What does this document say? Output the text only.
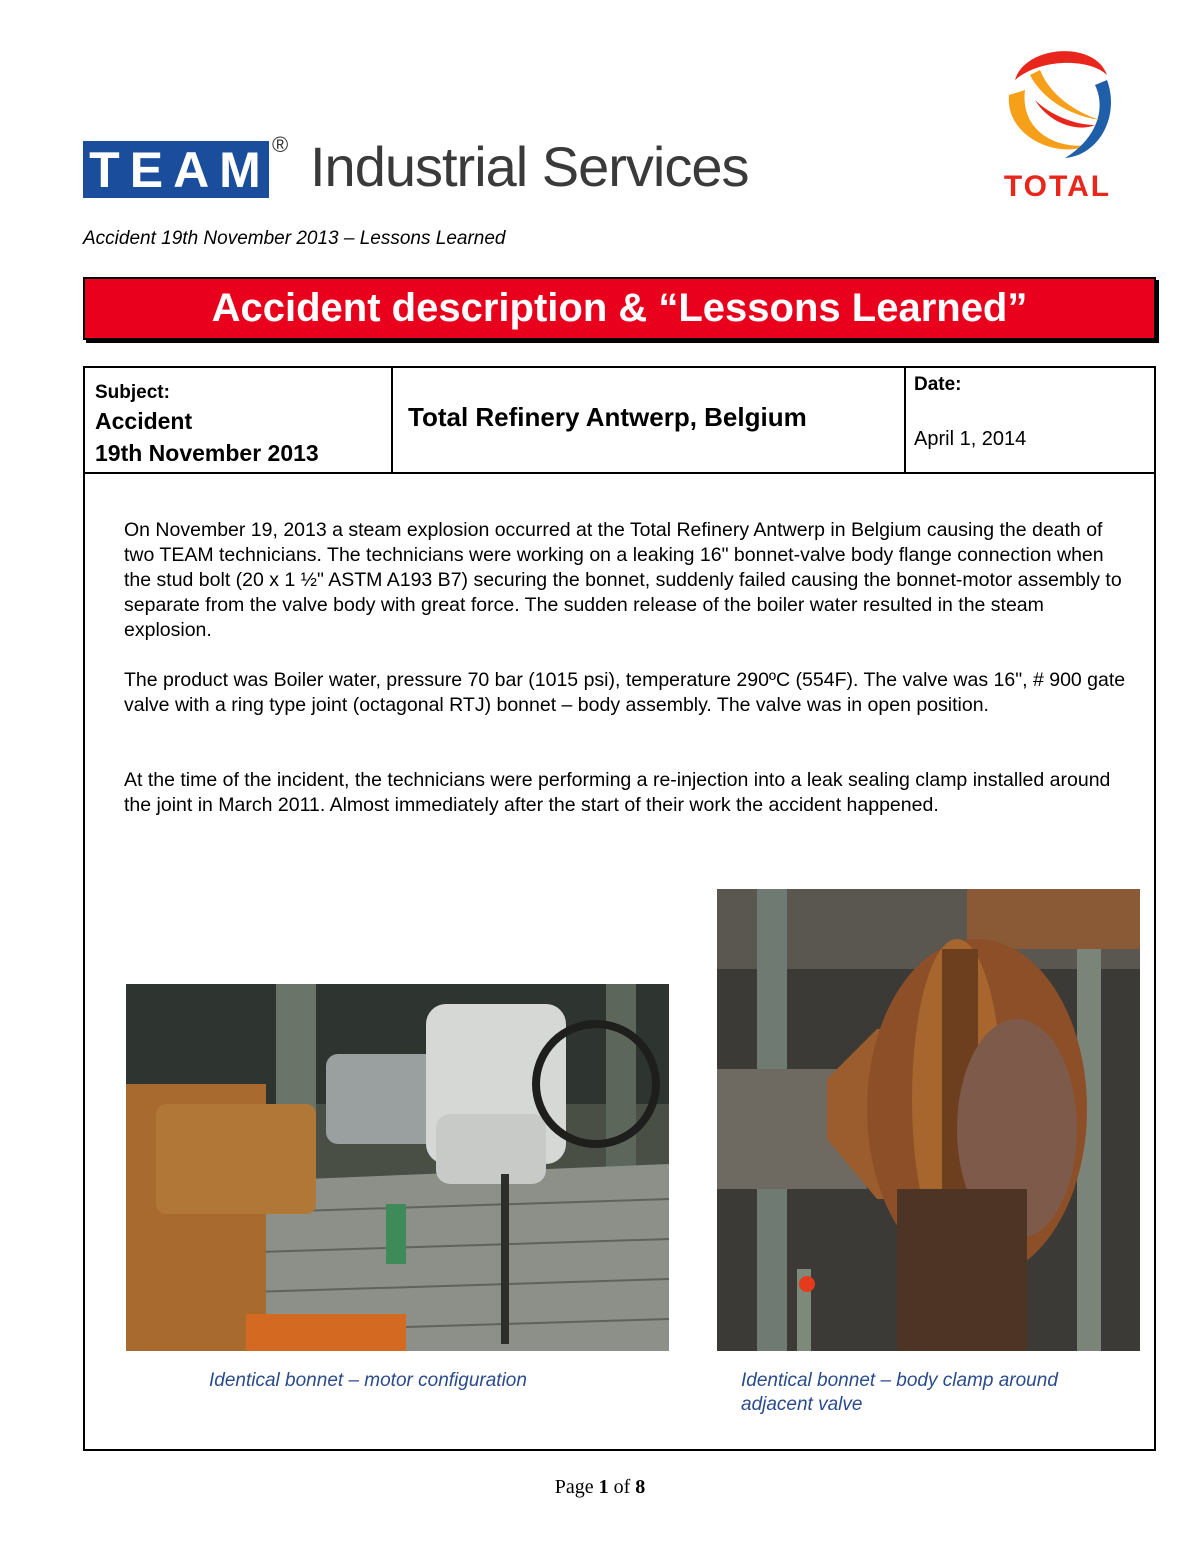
TEAM ® Industrial Services	TOTAL
Accident 19th November 2013 – Lessons Learned
Accident description & “Lessons Learned”
Subject:
Accident
19th November 2013
Total Refinery Antwerp, Belgium
Date:
April 1, 2014

On November 19, 2013 a steam explosion occurred at the Total Refinery Antwerp in Belgium causing the death of two TEAM technicians. The technicians were working on a leaking 16" bonnet-valve body flange connection when the stud bolt (20 x 1 ½" ASTM A193 B7) securing the bonnet, suddenly failed causing the bonnet-motor assembly to separate from the valve body with great force. The sudden release of the boiler water resulted in the steam explosion.

The product was Boiler water, pressure 70 bar (1015 psi), temperature 290ºC (554F). The valve was 16", # 900 gate valve with a ring type joint (octagonal RTJ) bonnet – body assembly. The valve was in open position.

At the time of the incident, the technicians were performing a re-injection into a leak sealing clamp installed around the joint in March 2011. Almost immediately after the start of their work the accident happened.

Identical bonnet – motor configuration	Identical bonnet – body clamp around adjacent valve
Page 1 of 8
